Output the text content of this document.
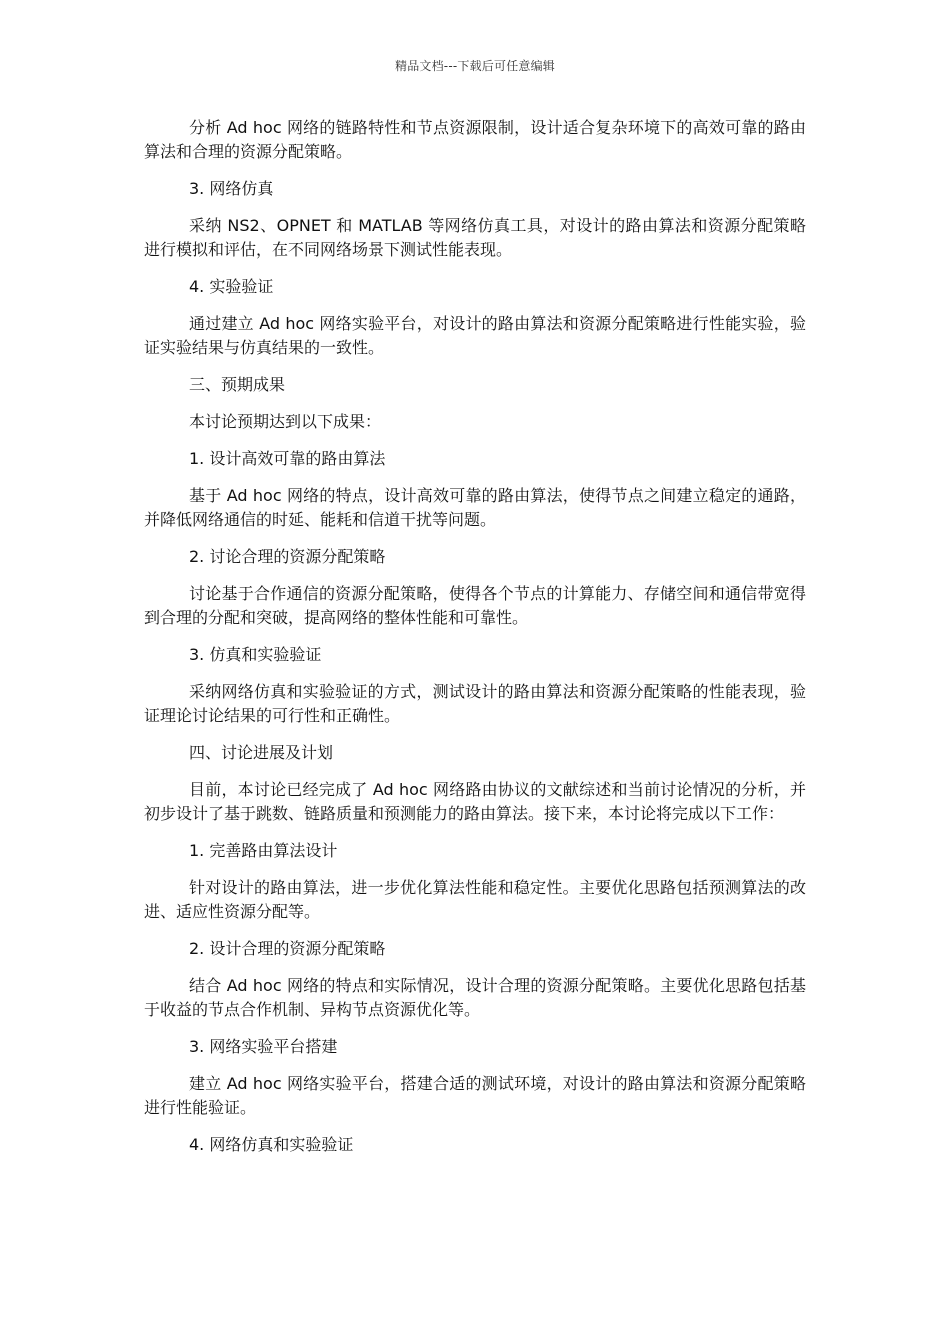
精品文档---下载后可任意编辑
分析 Ad hoc 网络的链路特性和节点资源限制，设计适合复杂环境下的高效可靠的路由算法和合理的资源分配策略。
3. 网络仿真
采纳 NS2、OPNET 和 MATLAB 等网络仿真工具，对设计的路由算法和资源分配策略进行模拟和评估，在不同网络场景下测试性能表现。
4. 实验验证
通过建立 Ad hoc 网络实验平台，对设计的路由算法和资源分配策略进行性能实验，验证实验结果与仿真结果的一致性。
三、预期成果
本讨论预期达到以下成果：
1. 设计高效可靠的路由算法
基于 Ad hoc 网络的特点，设计高效可靠的路由算法，使得节点之间建立稳定的通路，并降低网络通信的时延、能耗和信道干扰等问题。
2. 讨论合理的资源分配策略
讨论基于合作通信的资源分配策略，使得各个节点的计算能力、存储空间和通信带宽得到合理的分配和突破，提高网络的整体性能和可靠性。
3. 仿真和实验验证
采纳网络仿真和实验验证的方式，测试设计的路由算法和资源分配策略的性能表现，验证理论讨论结果的可行性和正确性。
四、讨论进展及计划
目前，本讨论已经完成了 Ad hoc 网络路由协议的文献综述和当前讨论情况的分析，并初步设计了基于跳数、链路质量和预测能力的路由算法。接下来，本讨论将完成以下工作：
1. 完善路由算法设计
针对设计的路由算法，进一步优化算法性能和稳定性。主要优化思路包括预测算法的改进、适应性资源分配等。
2. 设计合理的资源分配策略
结合 Ad hoc 网络的特点和实际情况，设计合理的资源分配策略。主要优化思路包括基于收益的节点合作机制、异构节点资源优化等。
3. 网络实验平台搭建
建立 Ad hoc 网络实验平台，搭建合适的测试环境，对设计的路由算法和资源分配策略进行性能验证。
4. 网络仿真和实验验证
